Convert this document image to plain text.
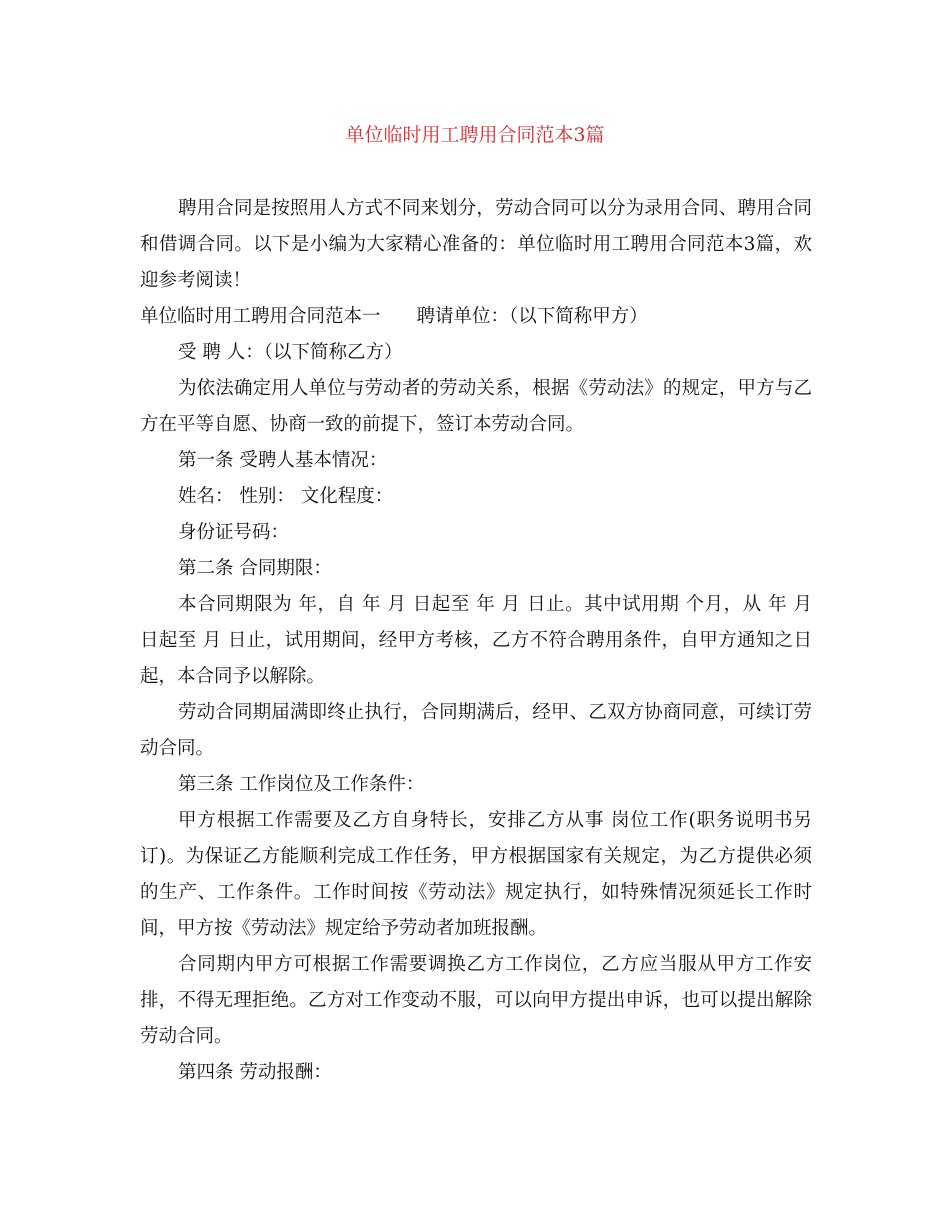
单位临时用工聘用合同范本3篇

聘用合同是按照用人方式不同来划分，劳动合同可以分为录用合同、聘用合同和借调合同。以下是小编为大家精心准备的：单位临时用工聘用合同范本3篇，欢迎参考阅读！

单位临时用工聘用合同范本一 聘请单位：（以下简称甲方）

受 聘 人：（以下简称乙方）

为依法确定用人单位与劳动者的劳动关系，根据《劳动法》的规定，甲方与乙方在平等自愿、协商一致的前提下，签订本劳动合同。

第一条 受聘人基本情况：

姓名： 性别： 文化程度：

身份证号码：

第二条 合同期限：

本合同期限为 年，自 年 月 日起至 年 月 日止。其中试用期 个月，从 年 月 日起至 月 日止，试用期间，经甲方考核，乙方不符合聘用条件，自甲方通知之日起，本合同予以解除。

劳动合同期届满即终止执行，合同期满后，经甲、乙双方协商同意，可续订劳动合同。

第三条 工作岗位及工作条件：

甲方根据工作需要及乙方自身特长，安排乙方从事 岗位工作(职务说明书另订)。为保证乙方能顺利完成工作任务，甲方根据国家有关规定，为乙方提供必须的生产、工作条件。工作时间按《劳动法》规定执行，如特殊情况须延长工作时间，甲方按《劳动法》规定给予劳动者加班报酬。

合同期内甲方可根据工作需要调换乙方工作岗位，乙方应当服从甲方工作安排，不得无理拒绝。乙方对工作变动不服，可以向甲方提出申诉，也可以提出解除劳动合同。

第四条 劳动报酬：
